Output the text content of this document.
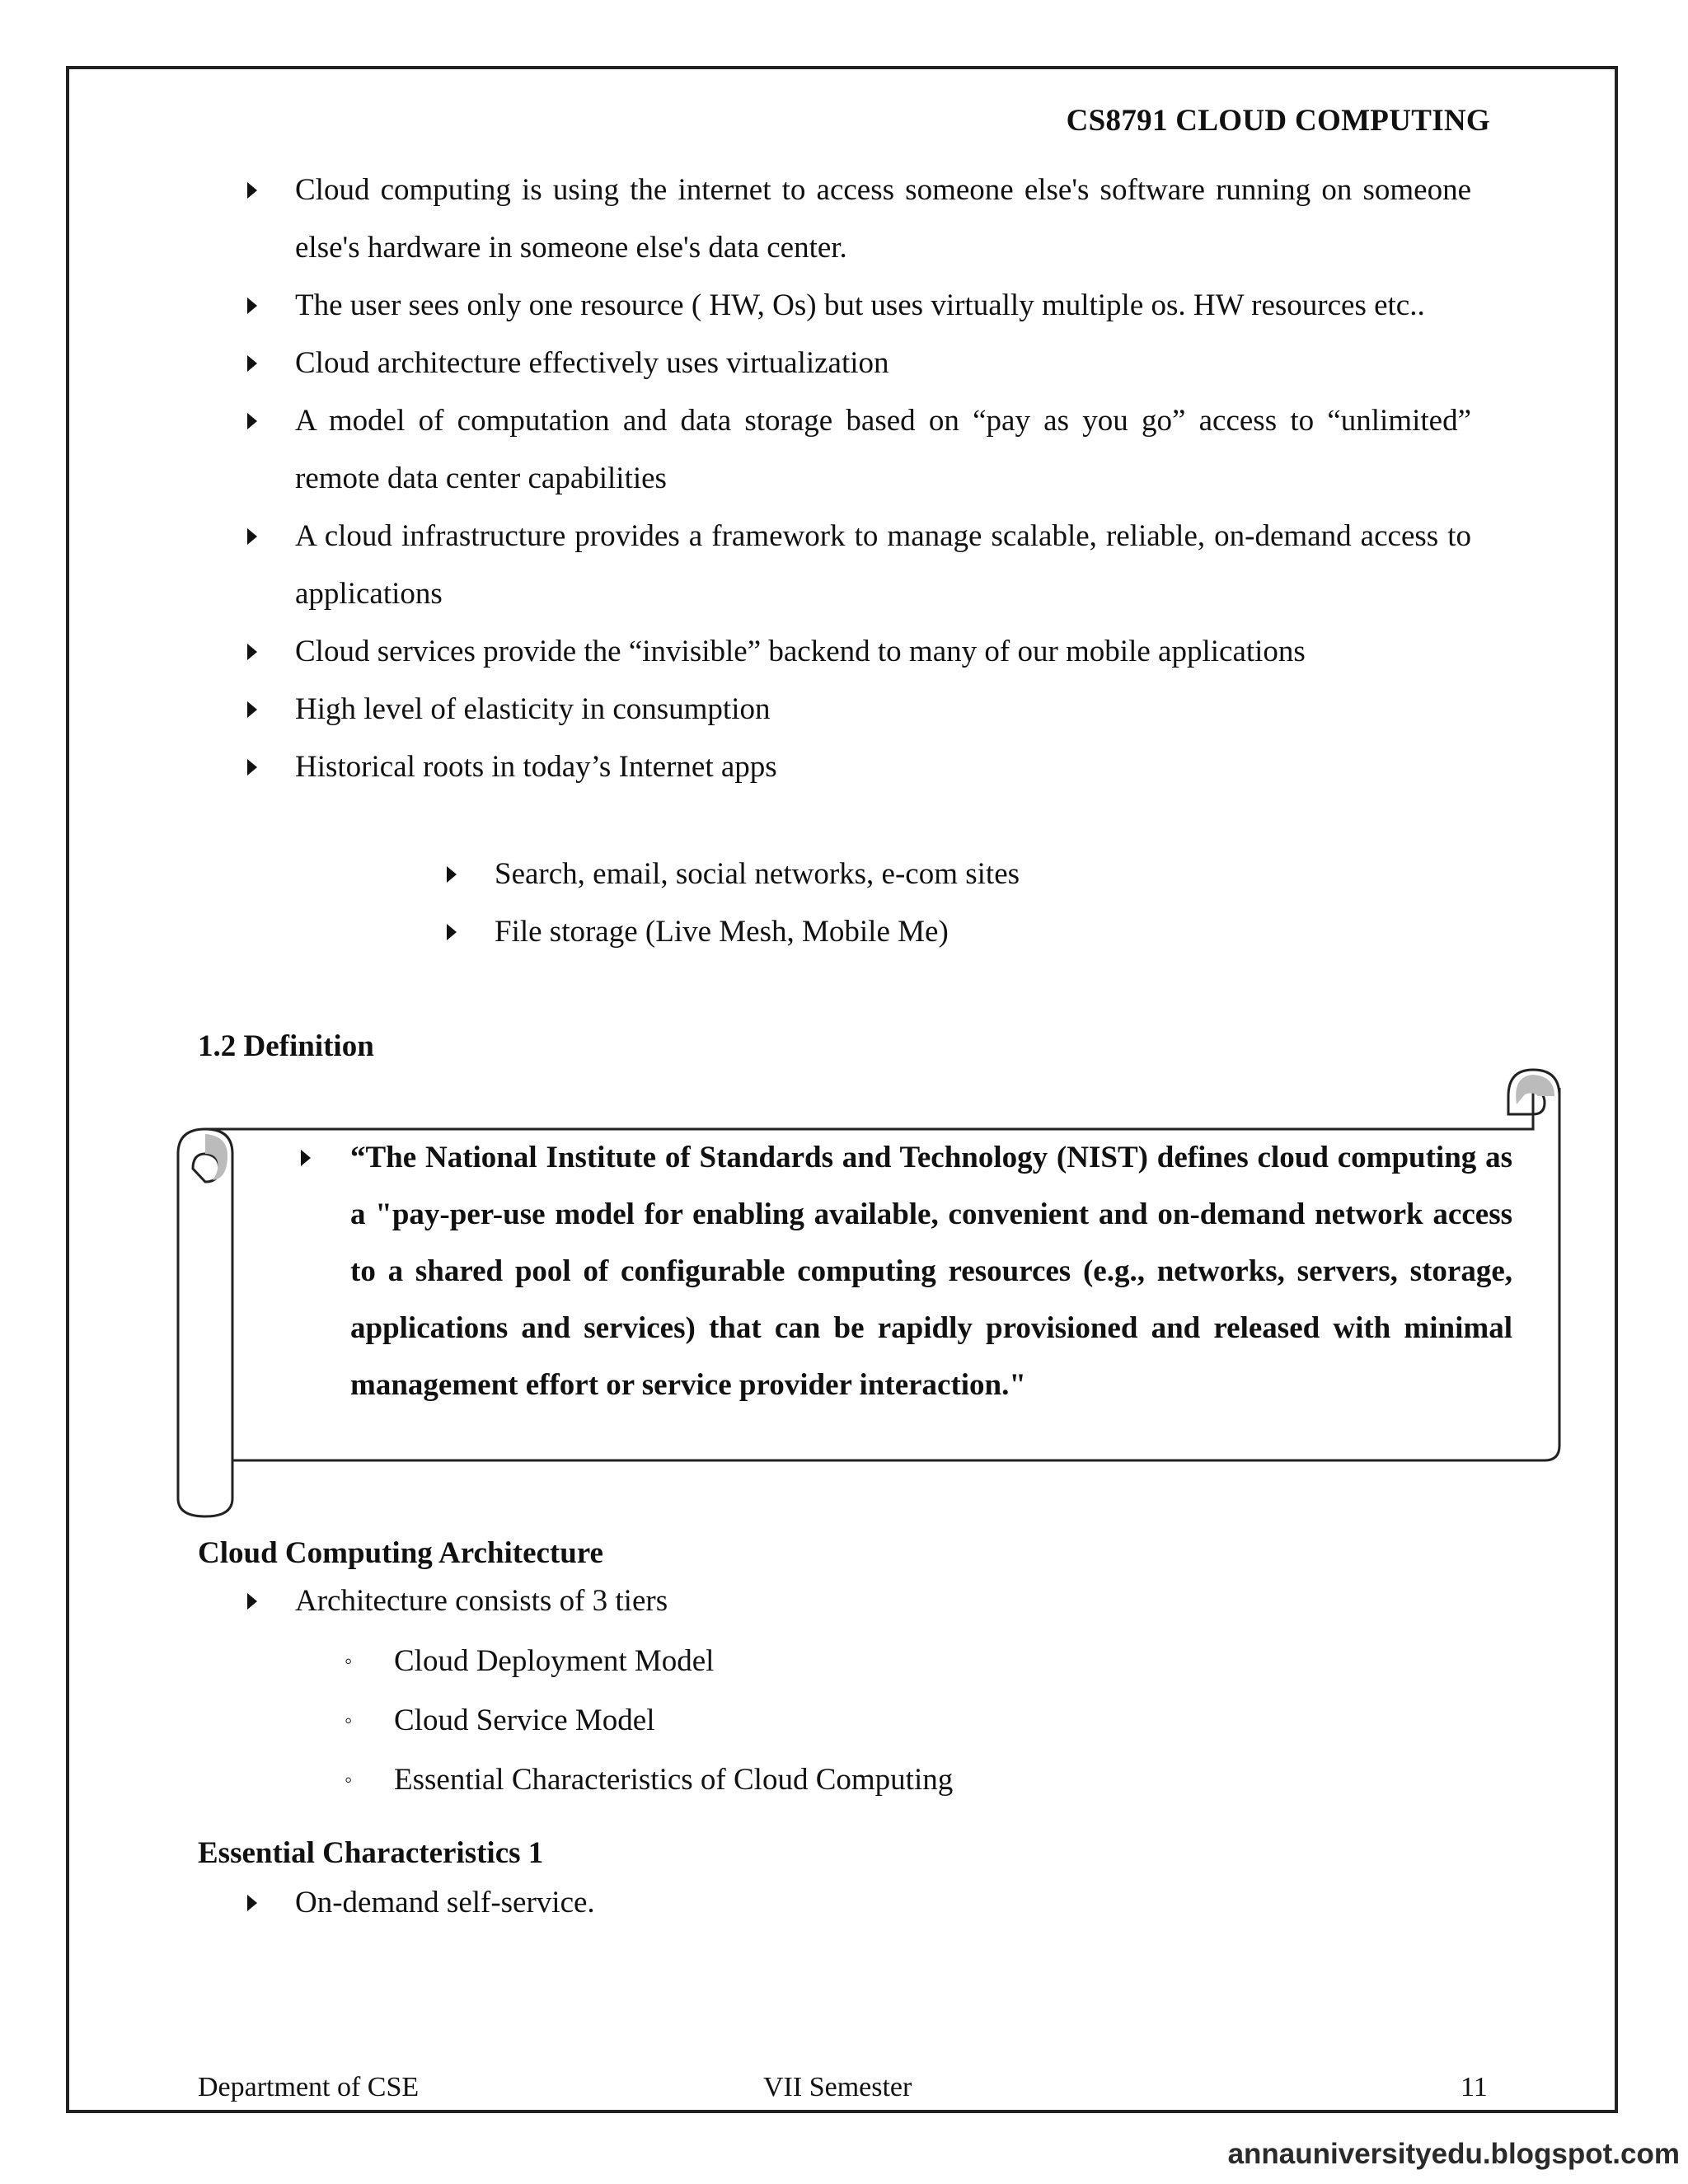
CS8791 CLOUD COMPUTING
Cloud computing is using the internet to access someone else's software running on someone else's hardware in someone else's data center.
The user sees only one resource ( HW, Os) but uses virtually multiple os. HW resources etc..
Cloud architecture effectively uses virtualization
A model of computation and data storage based on “pay as you go” access to “unlimited” remote data center capabilities
A cloud infrastructure provides a framework to manage scalable, reliable, on-demand access to applications
Cloud services provide the “invisible” backend to many of our mobile applications
High level of elasticity in consumption
Historical roots in today’s Internet apps
Search, email, social networks, e-com sites
File storage (Live Mesh, Mobile Me)
1.2 Definition
“The National Institute of Standards and Technology (NIST) defines cloud computing as a "pay-per-use model for enabling available, convenient and on-demand network access to a shared pool of configurable computing resources (e.g., networks, servers, storage, applications and services) that can be rapidly provisioned and released with minimal management effort or service provider interaction."
Cloud Computing Architecture
Architecture consists of 3 tiers
◦ Cloud Deployment Model
◦ Cloud Service Model
◦ Essential Characteristics of Cloud Computing
Essential Characteristics 1
On-demand self-service.
Department of CSE	VII Semester	11
annauniversityedu.blogspot.com
